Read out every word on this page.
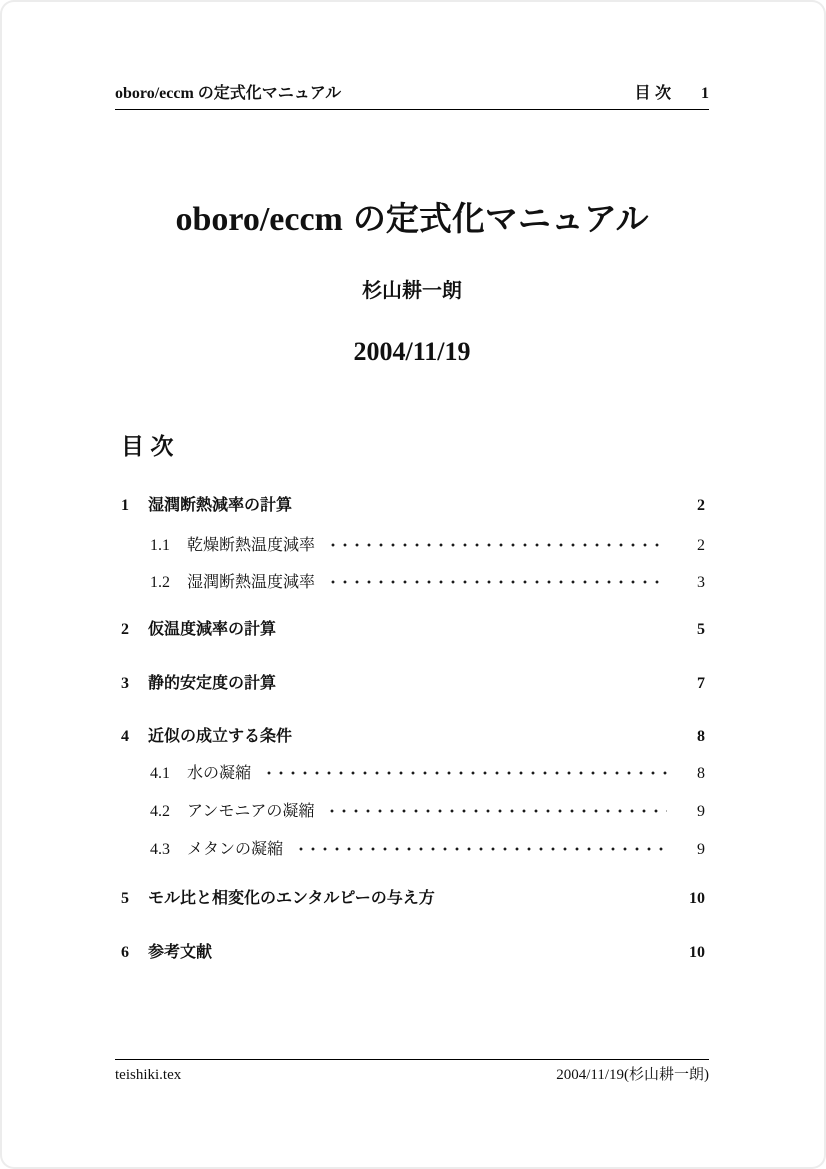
oboro/eccm の定式化マニュアル	目 次 1
oboro/eccm の定式化マニュアル
杉山耕一朗
2004/11/19
目 次
1	湿潤断熱減率の計算	2
1.1	乾燥断熱温度減率	2
1.2	湿潤断熱温度減率	3
2	仮温度減率の計算	5
3	静的安定度の計算	7
4	近似の成立する条件	8
4.1	水の凝縮	8
4.2	アンモニアの凝縮	9
4.3	メタンの凝縮	9
5	モル比と相変化のエンタルピーの与え方	10
6	参考文献	10
teishiki.tex	2004/11/19(杉山耕一朗)
